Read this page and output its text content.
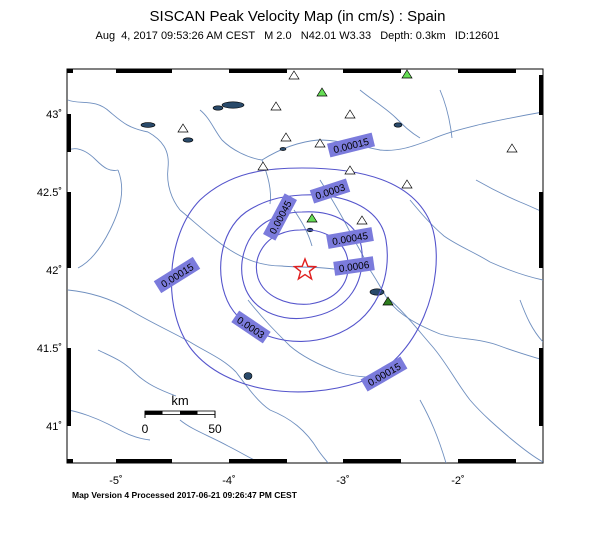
SISCAN Peak Velocity Map (in cm/s) : Spain
Aug  4, 2017 09:53:26 AM CEST   M 2.0   N42.01 W3.33   Depth: 0.3km   ID:12601
0.00015
0.0003
0.00045
0.00045
0.0006
0.00015
0.0003
0.00015
-5˚	-4˚	-3˚	-2˚
43˚
42.5˚
42˚
41.5˚
41˚
km
0	50
Map Version 4 Processed 2017-06-21 09:26:47 PM CEST
